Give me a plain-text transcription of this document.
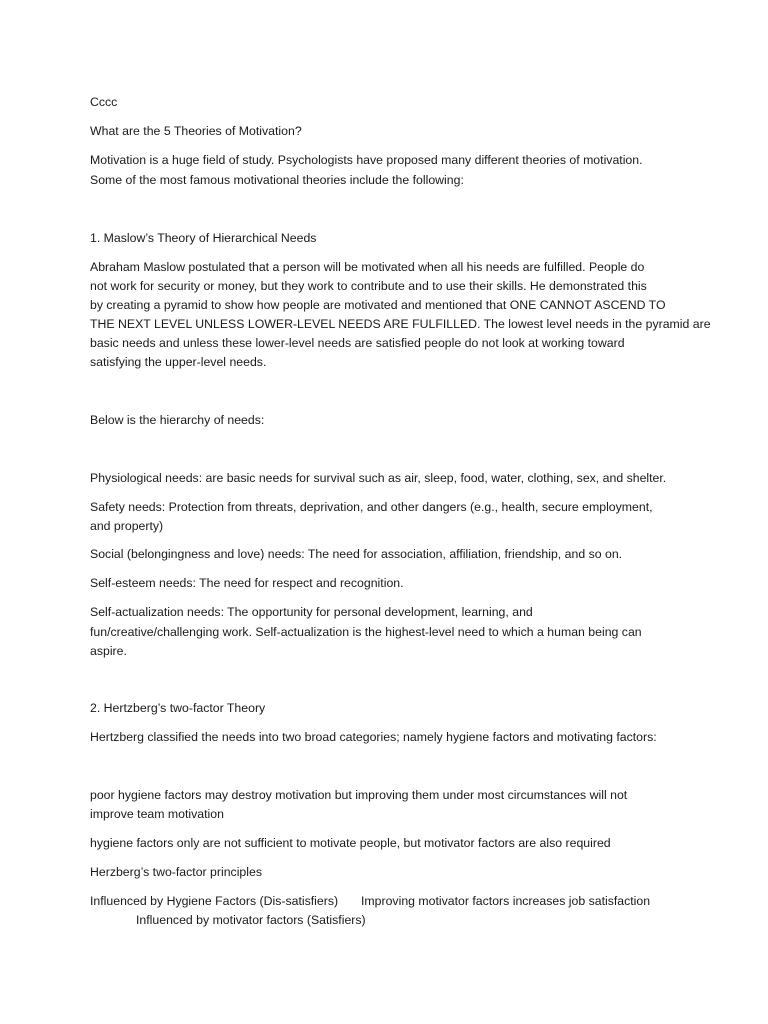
Cccc

What are the 5 Theories of Motivation?

Motivation is a huge field of study. Psychologists have proposed many different theories of motivation.

Some of the most famous motivational theories include the following:

1. Maslow’s Theory of Hierarchical Needs

Abraham Maslow postulated that a person will be motivated when all his needs are fulfilled. People do

not work for security or money, but they work to contribute and to use their skills. He demonstrated this

by creating a pyramid to show how people are motivated and mentioned that ONE CANNOT ASCEND TO

THE NEXT LEVEL UNLESS LOWER-LEVEL NEEDS ARE FULFILLED. The lowest level needs in the pyramid are

basic needs and unless these lower-level needs are satisfied people do not look at working toward

satisfying the upper-level needs.

Below is the hierarchy of needs:

Physiological needs: are basic needs for survival such as air, sleep, food, water, clothing, sex, and shelter.

Safety needs: Protection from threats, deprivation, and other dangers (e.g., health, secure employment,

and property)

Social (belongingness and love) needs: The need for association, affiliation, friendship, and so on.

Self-esteem needs: The need for respect and recognition.

Self-actualization needs: The opportunity for personal development, learning, and

fun/creative/challenging work. Self-actualization is the highest-level need to which a human being can

aspire.

2. Hertzberg’s two-factor Theory

Hertzberg classified the needs into two broad categories; namely hygiene factors and motivating factors:

poor hygiene factors may destroy motivation but improving them under most circumstances will not

improve team motivation

hygiene factors only are not sufficient to motivate people, but motivator factors are also required

Herzberg’s two-factor principles

Influenced by Hygiene Factors (Dis-satisfiers) Improving motivator factors increases job satisfaction

Influenced by motivator factors (Satisfiers)
